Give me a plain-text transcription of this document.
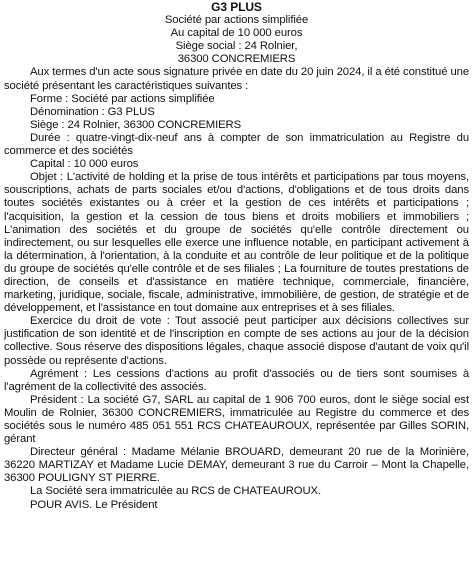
G3 PLUS

Société par actions simplifiée

Au capital de 10 000 euros

Siège social : 24 Rolnier,

36300 CONCREMIERS

Aux termes d'un acte sous signature privée en date du 20 juin 2024, il a été constitué une société présentant les caractéristiques suivantes :

Forme : Société par actions simplifiée

Dénomination : G3 PLUS

Siège : 24 Rolnier, 36300 CONCREMIERS

Durée : quatre-vingt-dix-neuf ans à compter de son immatriculation au Registre du commerce et des sociétés

Capital : 10 000 euros

Objet : L'activité de holding et la prise de tous intérêts et participations par tous moyens, souscriptions, achats de parts sociales et/ou d'actions, d'obligations et de tous droits dans toutes sociétés existantes ou à créer et la gestion de ces intérêts et participations ; l'acquisition, la gestion et la cession de tous biens et droits mobiliers et immobiliers ; L'animation des sociétés et du groupe de sociétés qu'elle contrôle directement ou indirectement, ou sur lesquelles elle exerce une influence notable, en participant activement à la détermination, à l'orientation, à la conduite et au contrôle de leur politique et de la politique du groupe de sociétés qu'elle contrôle et de ses filiales ; La fourniture de toutes prestations de direction, de conseils et d'assistance en matière technique, commerciale, financière, marketing, juridique, sociale, fiscale, administrative, immobilière, de gestion, de stratégie et de développement, et l'assistance en tout domaine aux entreprises et à ses filiales.

Exercice du droit de vote : Tout associé peut participer aux décisions collectives sur justification de son identité et de l'inscription en compte de ses actions au jour de la décision collective. Sous réserve des dispositions légales, chaque associé dispose d'autant de voix qu'il possède ou représente d'actions.

Agrément : Les cessions d'actions au profit d'associés ou de tiers sont soumises à l'agrément de la collectivité des associés.

Président : La société G7, SARL au capital de 1 906 700 euros, dont le siège social est Moulin de Rolnier, 36300 CONCREMIERS, immatriculée au Registre du commerce et des sociétés sous le numéro 485 051 551 RCS CHATEAUROUX, représentée par Gilles SORIN, gérant

Directeur général : Madame Mélanie BROUARD, demeurant 20 rue de la Morinière, 36220 MARTIZAY et Madame Lucie DEMAY, demeurant 3 rue du Carroir – Mont la Chapelle, 36300 POULIGNY ST PIERRE.

La Société sera immatriculée au RCS de CHATEAUROUX.

POUR AVIS. Le Président
